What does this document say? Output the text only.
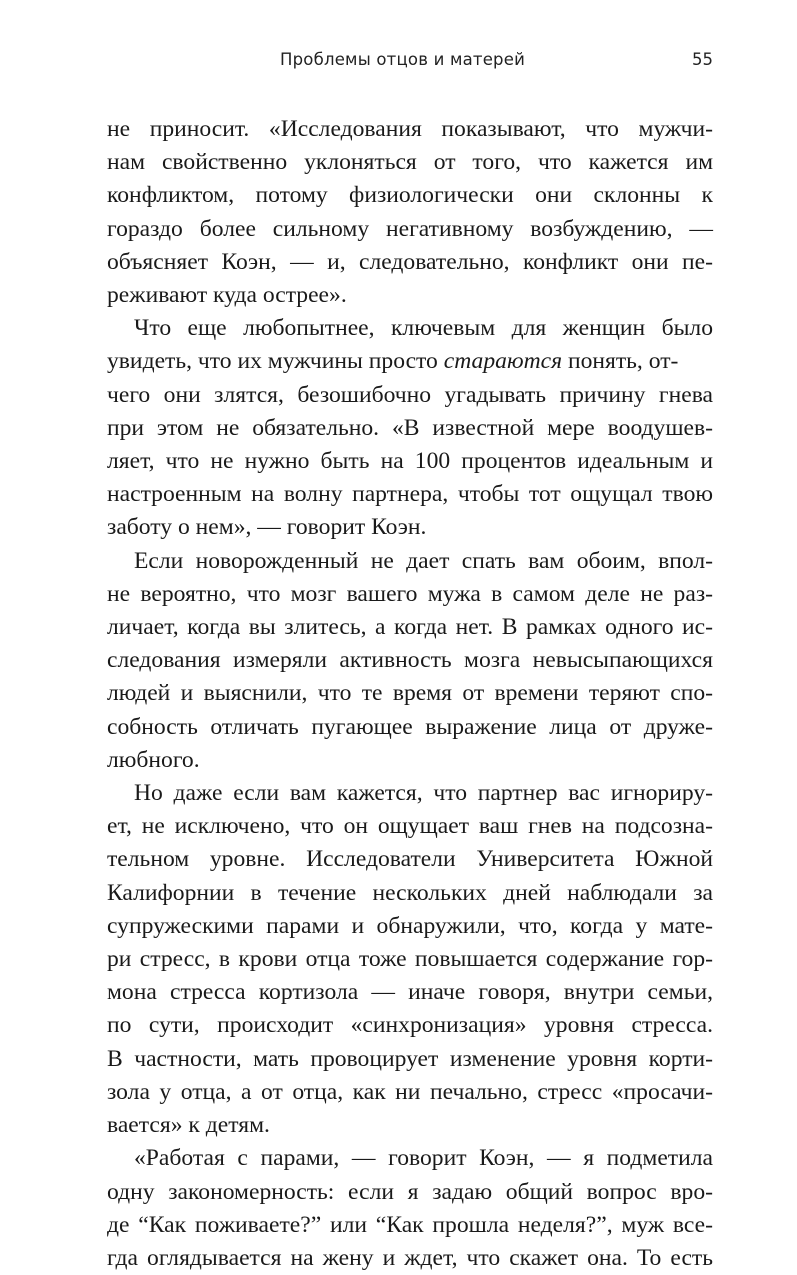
Проблемы отцов и матерей	55

не приносит. «Исследования показывают, что мужчи-
нам свойственно уклоняться от того, что кажется им
конфликтом, потому физиологически они склонны к
гораздо более сильному негативному возбуждению, —
объясняет Коэн, — и, следовательно, конфликт они пе-
реживают куда острее».

Что еще любопытнее, ключевым для женщин было
увидеть, что их мужчины просто стараются понять, от-
чего они злятся, безошибочно угадывать причину гнева
при этом не обязательно. «В известной мере воодушев-
ляет, что не нужно быть на 100 процентов идеальным и
настроенным на волну партнера, чтобы тот ощущал твою
заботу о нем», — говорит Коэн.

Если новорожденный не дает спать вам обоим, впол-
не вероятно, что мозг вашего мужа в самом деле не раз-
личает, когда вы злитесь, а когда нет. В рамках одного ис-
следования измеряли активность мозга невысыпающихся
людей и выяснили, что те время от времени теряют спо-
собность отличать пугающее выражение лица от друже-
любного.

Но даже если вам кажется, что партнер вас игнориру-
ет, не исключено, что он ощущает ваш гнев на подсозна-
тельном уровне. Исследователи Университета Южной
Калифорнии в течение нескольких дней наблюдали за
супружескими парами и обнаружили, что, когда у мате-
ри стресс, в крови отца тоже повышается содержание гор-
мона стресса кортизола — иначе говоря, внутри семьи,
по сути, происходит «синхронизация» уровня стресса.
В частности, мать провоцирует изменение уровня корти-
зола у отца, а от отца, как ни печально, стресс «просачи-
вается» к детям.

«Работая с парами, — говорит Коэн, — я подметила
одну закономерность: если я задаю общий вопрос вро-
де “Как поживаете?” или “Как прошла неделя?”, муж все-
гда оглядывается на жену и ждет, что скажет она. То есть
